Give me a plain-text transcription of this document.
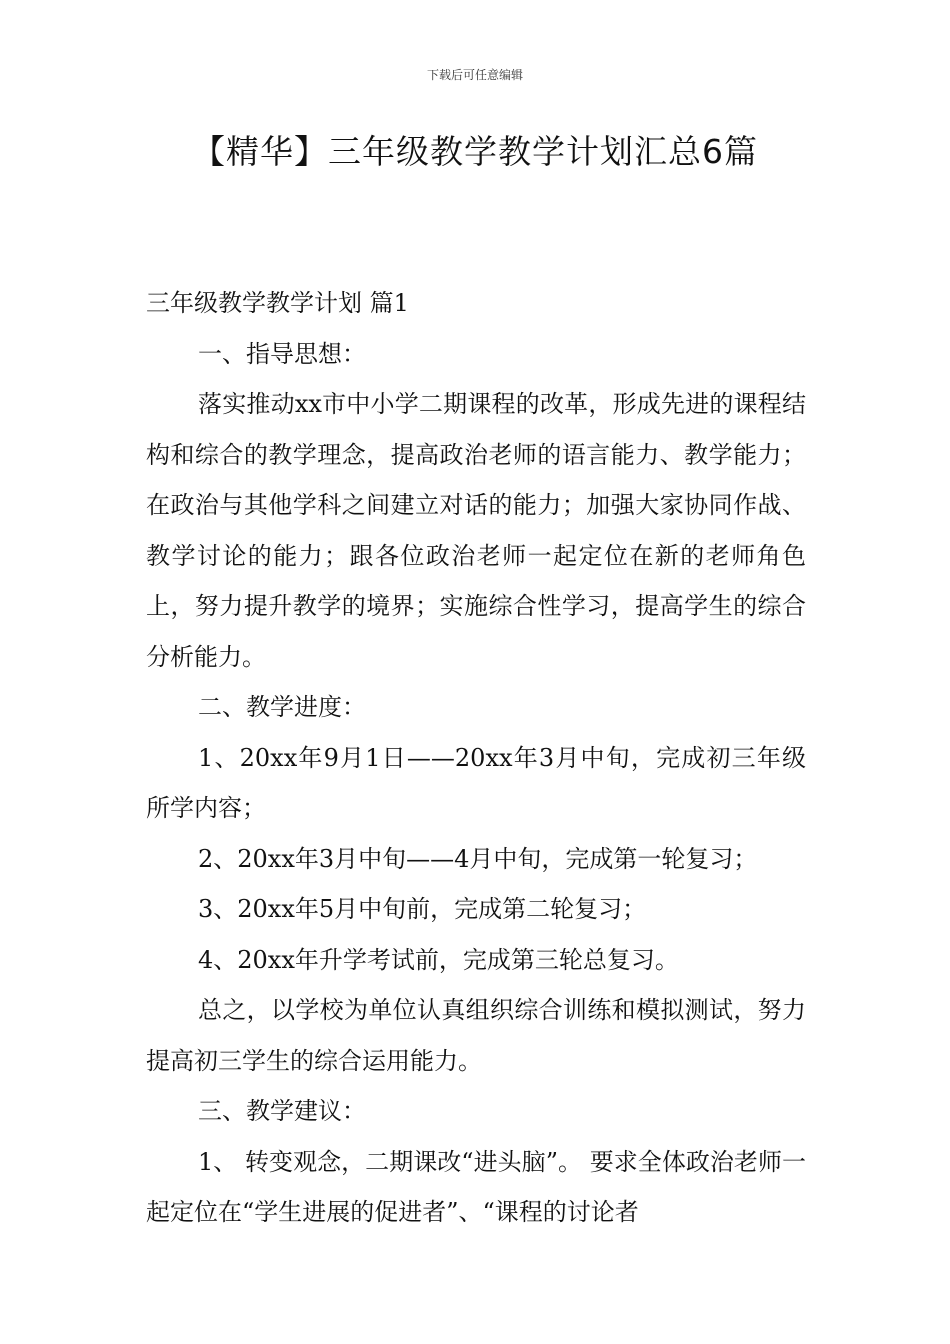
下载后可任意编辑
【精华】三年级教学教学计划汇总6篇

三年级教学教学计划 篇1

一、指导思想：

落实推动xx市中小学二期课程的改革，形成先进的课程结构和综合的教学理念，提高政治老师的语言能力、教学能力；在政治与其他学科之间建立对话的能力；加强大家协同作战、教学讨论的能力；跟各位政治老师一起定位在新的老师角色上，努力提升教学的境界；实施综合性学习，提高学生的综合分析能力。

二、教学进度：

1、20xx年9月1日——20xx年3月中旬，完成初三年级所学内容；

2、20xx年3月中旬——4月中旬，完成第一轮复习；

3、20xx年5月中旬前，完成第二轮复习；

4、20xx年升学考试前，完成第三轮总复习。

总之，以学校为单位认真组织综合训练和模拟测试，努力提高初三学生的综合运用能力。

三、教学建议：

1、 转变观念，二期课改“进头脑”。 要求全体政治老师一起定位在“学生进展的促进者”、“课程的讨论者
